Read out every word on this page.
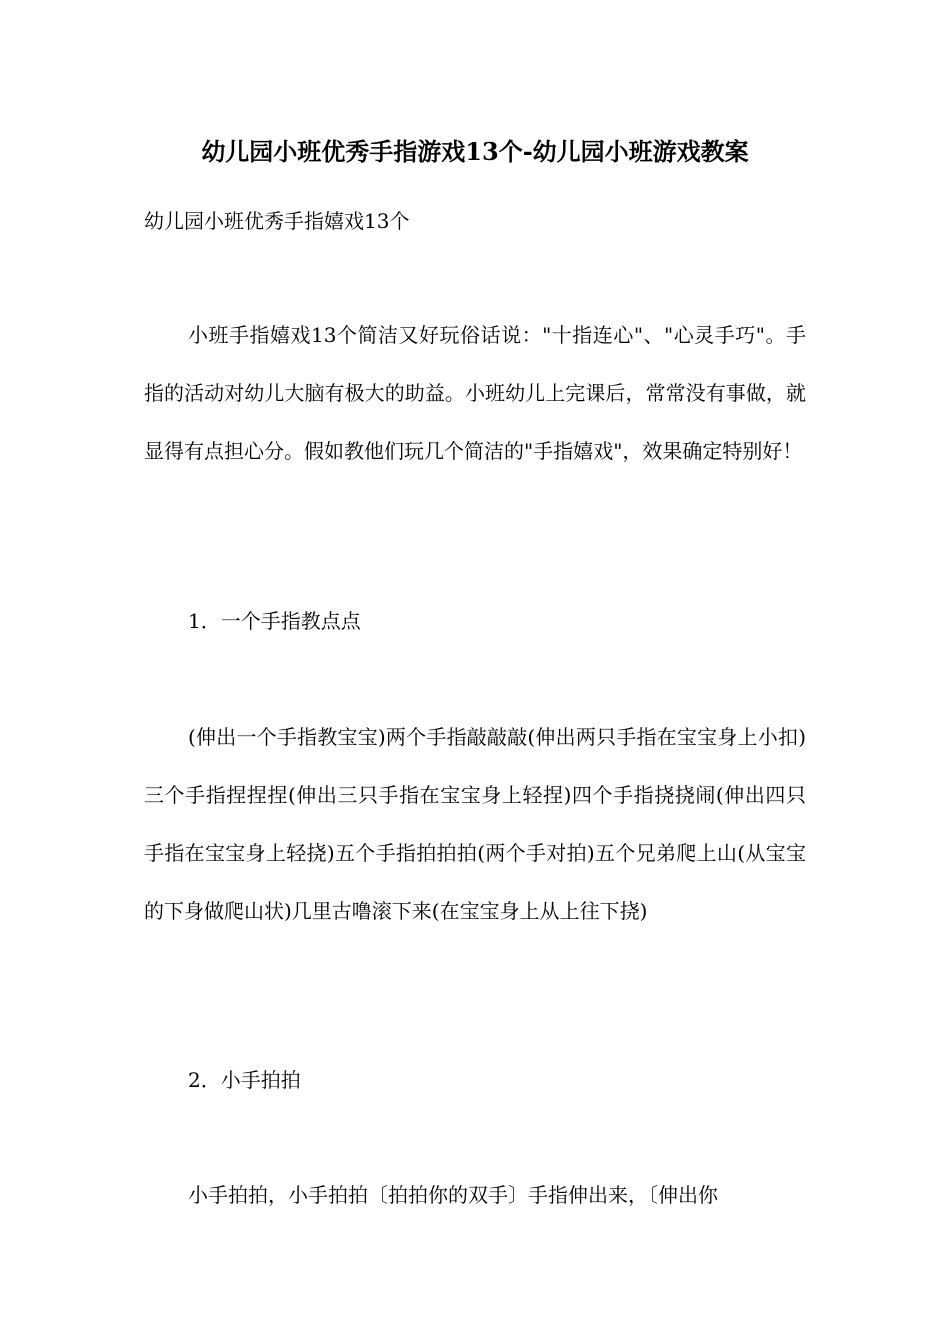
幼儿园小班优秀手指游戏13个-幼儿园小班游戏教案
幼儿园小班优秀手指嬉戏13个

小班手指嬉戏13个简洁又好玩俗话说："十指连心"、"心灵手巧"。手指的活动对幼儿大脑有极大的助益。小班幼儿上完课后，常常没有事做，就显得有点担心分。假如教他们玩几个简洁的"手指嬉戏"，效果确定特别好！

1．一个手指教点点

(伸出一个手指教宝宝)两个手指敲敲敲(伸出两只手指在宝宝身上小扣)三个手指捏捏捏(伸出三只手指在宝宝身上轻捏)四个手指挠挠闹(伸出四只手指在宝宝身上轻挠)五个手指拍拍拍(两个手对拍)五个兄弟爬上山(从宝宝的下身做爬山状)几里古噜滚下来(在宝宝身上从上往下挠)

2．小手拍拍

小手拍拍，小手拍拍〔拍拍你的双手〕手指伸出来，〔伸出你
